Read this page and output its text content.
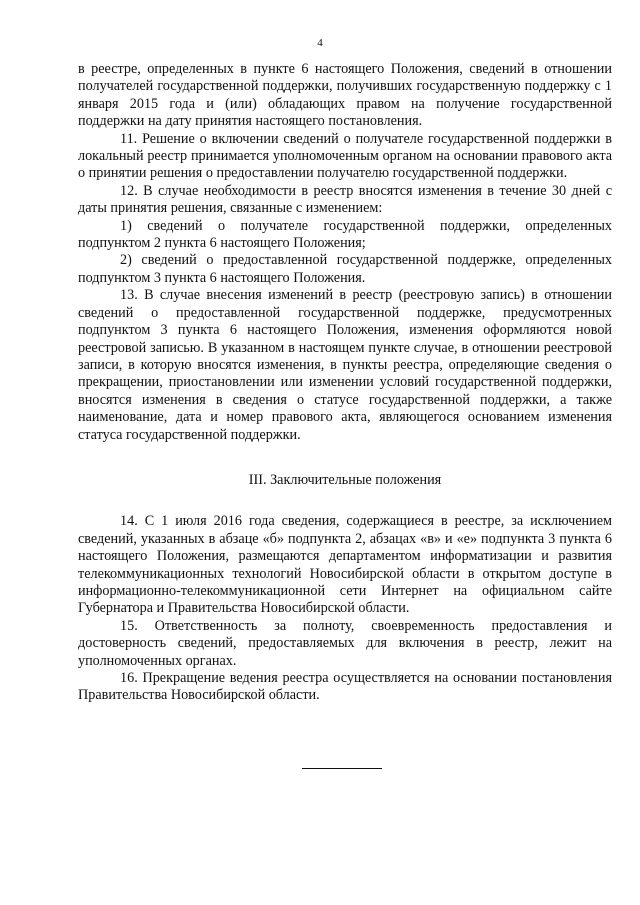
4

в реестре, определенных в пункте 6 настоящего Положения, сведений в отношении получателей государственной поддержки, получивших государственную поддержку с 1 января 2015 года и (или) обладающих правом на получение государственной поддержки на дату принятия настоящего постановления.

11. Решение о включении сведений о получателе государственной поддержки в локальный реестр принимается уполномоченным органом на основании правового акта о принятии решения о предоставлении получателю государственной поддержки.

12. В случае необходимости в реестр вносятся изменения в течение 30 дней с даты принятия решения, связанные с изменением:

1) сведений о получателе государственной поддержки, определенных подпунктом 2 пункта 6 настоящего Положения;

2) сведений о предоставленной государственной поддержке, определенных подпунктом 3 пункта 6 настоящего Положения.

13. В случае внесения изменений в реестр (реестровую запись) в отношении сведений о предоставленной государственной поддержке, предусмотренных подпунктом 3 пункта 6 настоящего Положения, изменения оформляются новой реестровой записью. В указанном в настоящем пункте случае, в отношении реестровой записи, в которую вносятся изменения, в пункты реестра, определяющие сведения о прекращении, приостановлении или изменении условий государственной поддержки, вносятся изменения в сведения о статусе государственной поддержки, а также наименование, дата и номер правового акта, являющегося основанием изменения статуса государственной поддержки.

III. Заключительные положения

14. С 1 июля 2016 года сведения, содержащиеся в реестре, за исключением сведений, указанных в абзаце «б» подпункта 2, абзацах «в» и «е» подпункта 3 пункта 6 настоящего Положения, размещаются департаментом информатизации и развития телекоммуникационных технологий Новосибирской области в открытом доступе в информационно-телекоммуникационной сети Интернет на официальном сайте Губернатора и Правительства Новосибирской области.

15. Ответственность за полноту, своевременность предоставления и достоверность сведений, предоставляемых для включения в реестр, лежит на уполномоченных органах.

16. Прекращение ведения реестра осуществляется на основании постановления Правительства Новосибирской области.
